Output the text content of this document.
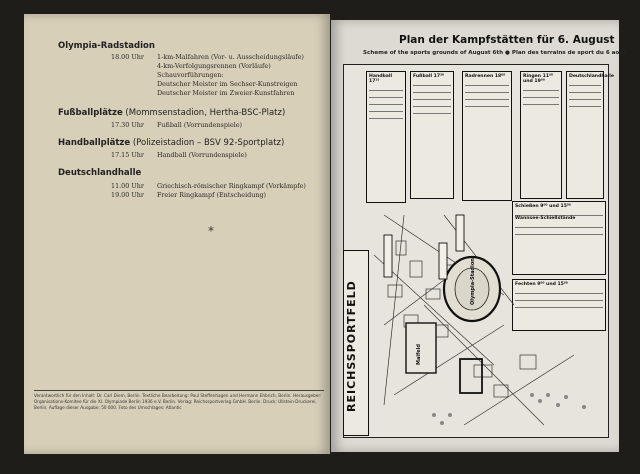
Olympia-Radstadion
18.00 Uhr 1-km-Malfahren (Vor- u. Ausscheidungsläufe)
4-km-Verfolgungsrennen (Vorläufe)
Schauvorführungen:
Deutscher Meister im Sechser-Kunstreigen
Deutscher Meister im Zweier-Kunstfahren
Fußballplätze (Mommsenstadion, Hertha-BSC-Platz)
17.30 Uhr Fußball (Vorrundenspiele)
Handballplätze (Polizeistadion – BSV 92-Sportplatz)
17.15 Uhr Handball (Vorrundenspiele)
Deutschlandhalle
11.00 Uhr Griechisch-römischer Ringkampf (Vorkämpfe)
19.00 Uhr Freier Ringkampf (Entscheidung)
*
Verantwortlich für den Inhalt: Dr. Carl Diem, Berlin. Textliche Bearbeitung: Paul Steffenhagen und Hermann Ehbrich, Berlin. Herausgeber: Organisations-Komitee für die XI. Olympiade Berlin 1936 e.V. Berlin. Verlag: Reichssportverlag GmbH. Berlin. Druck: Ullstein-Druckerei, Berlin. Auflage dieser Ausgabe: 50 000. Foto des Umschlages: Atlantic
Plan der Kampfstätten für 6. August
Scheme of the sports grounds of August 6th ● Plan des terrains de sport du 6 août
Handball 17¹⁵
Fußball 17³⁰	Radrennen 18⁰⁰	Ringen 11⁰⁰ und 19⁰⁰
Deutschlandhalle
Schießen 9⁰⁰ und 15⁰⁰
Wannsee-Schießstände
Fechten 9⁰⁰ und 15⁰⁰
Olympia-Stadion
Maifeld
REICHSSPORTFELD
